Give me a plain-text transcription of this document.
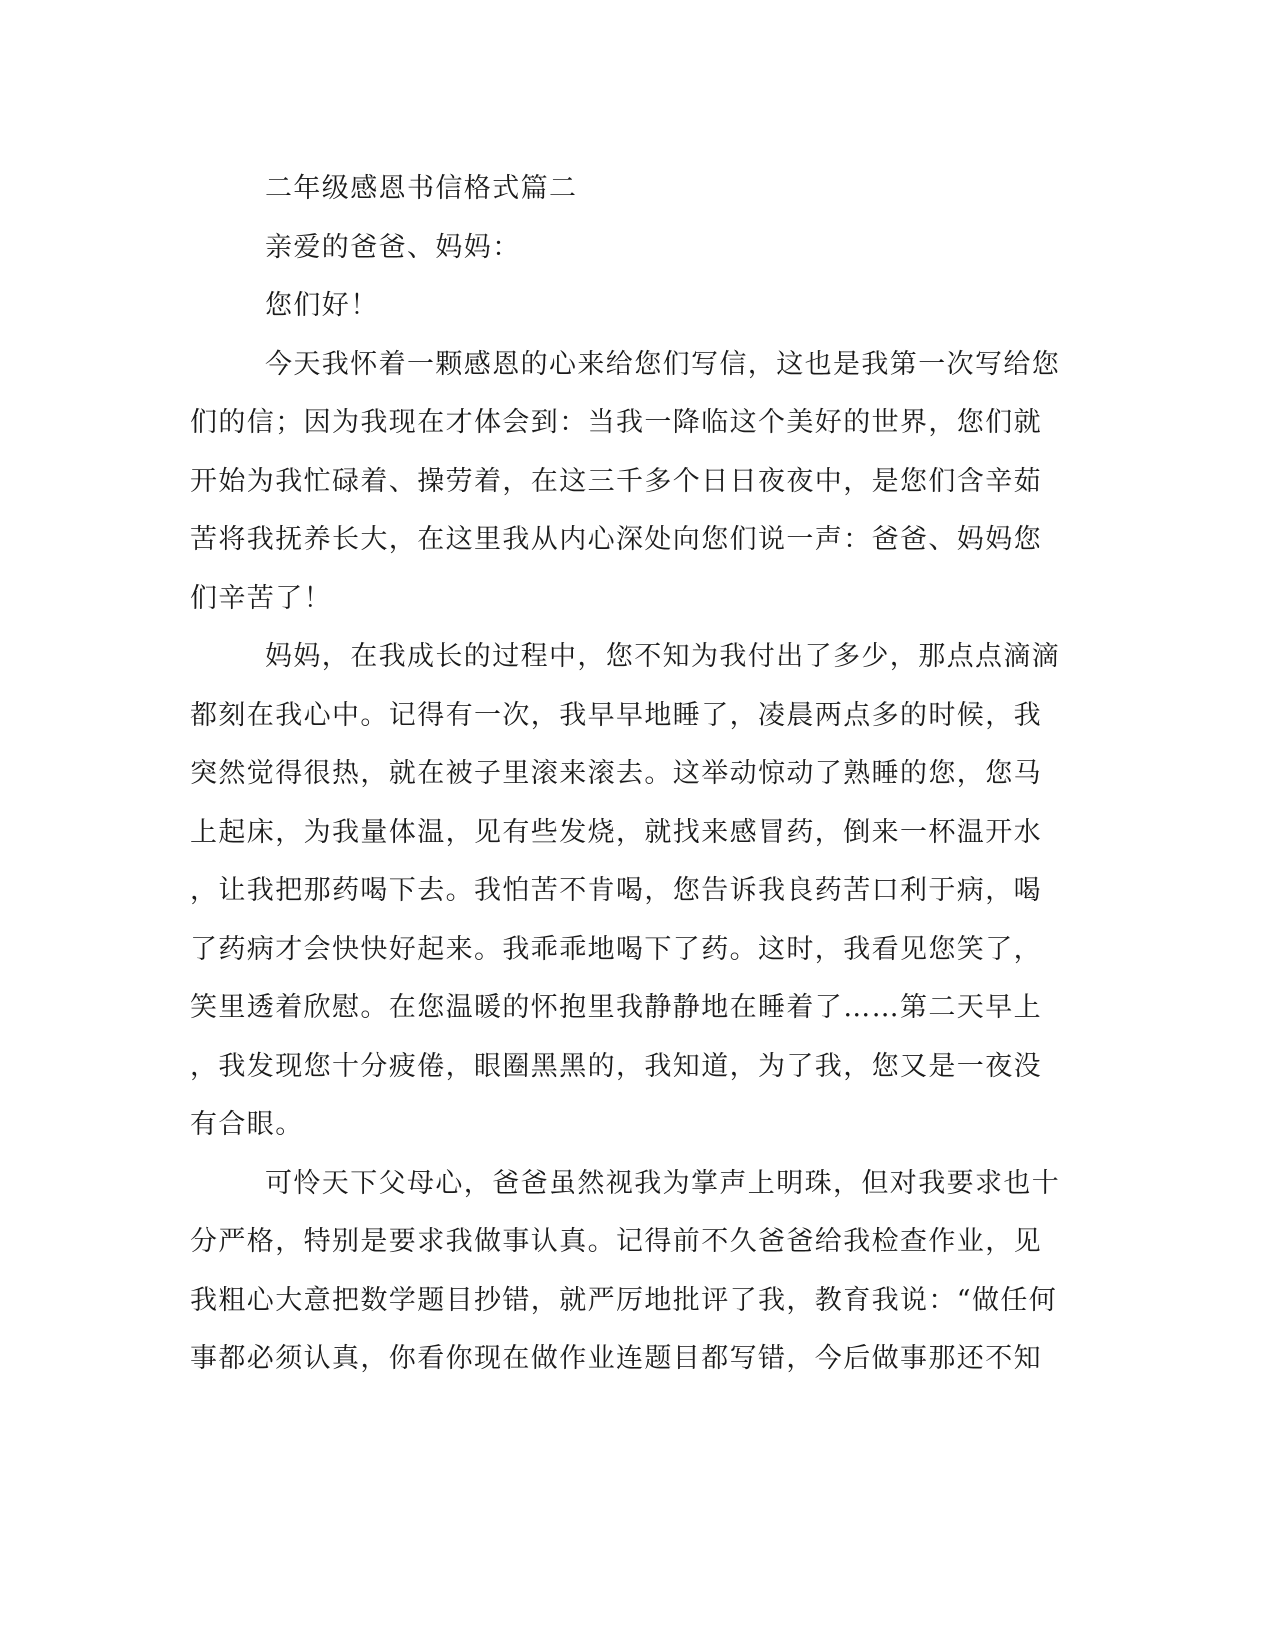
二年级感恩书信格式篇二
亲爱的爸爸、妈妈：
您们好！
今天我怀着一颗感恩的心来给您们写信，这也是我第一次写给您
们的信；因为我现在才体会到：当我一降临这个美好的世界，您们就
开始为我忙碌着、操劳着，在这三千多个日日夜夜中，是您们含辛茹
苦将我抚养长大，在这里我从内心深处向您们说一声：爸爸、妈妈您
们辛苦了！
妈妈，在我成长的过程中，您不知为我付出了多少，那点点滴滴
都刻在我心中。记得有一次，我早早地睡了，凌晨两点多的时候，我
突然觉得很热，就在被子里滚来滚去。这举动惊动了熟睡的您，您马
上起床，为我量体温，见有些发烧，就找来感冒药，倒来一杯温开水
，让我把那药喝下去。我怕苦不肯喝，您告诉我良药苦口利于病，喝
了药病才会快快好起来。我乖乖地喝下了药。这时，我看见您笑了，
笑里透着欣慰。在您温暖的怀抱里我静静地在睡着了……第二天早上
，我发现您十分疲倦，眼圈黑黑的，我知道，为了我，您又是一夜没
有合眼。
可怜天下父母心，爸爸虽然视我为掌声上明珠，但对我要求也十
分严格，特别是要求我做事认真。记得前不久爸爸给我检查作业，见
我粗心大意把数学题目抄错，就严厉地批评了我，教育我说：“做任何
事都必须认真，你看你现在做作业连题目都写错，今后做事那还不知
